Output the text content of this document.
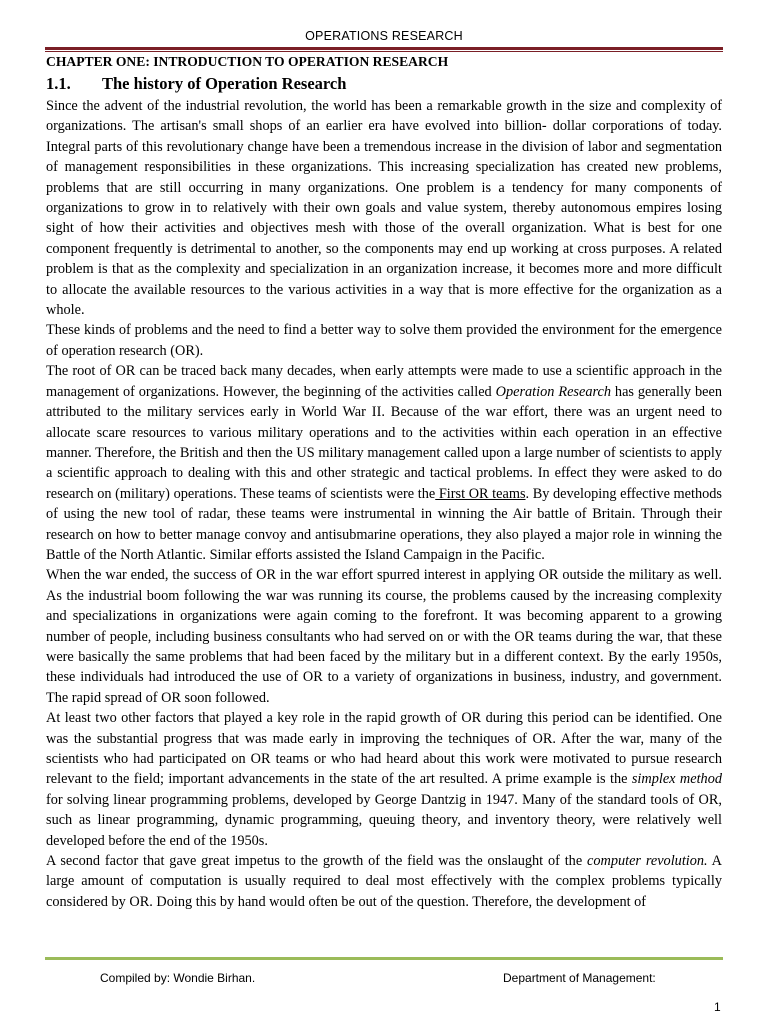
OPERATIONS RESEARCH
CHAPTER ONE: INTRODUCTION TO OPERATION RESEARCH
1.1. The history of Operation Research

Since the advent of the industrial revolution, the world has been a remarkable growth in the size and complexity of organizations. The artisan's small shops of an earlier era have evolved into billion- dollar corporations of today. Integral parts of this revolutionary change have been a tremendous increase in the division of labor and segmentation of management responsibilities in these organizations. This increasing specialization has created new problems, problems that are still occurring in many organizations. One problem is a tendency for many components of organizations to grow in to relatively with their own goals and value system, thereby autonomous empires losing sight of how their activities and objectives mesh with those of the overall organization. What is best for one component frequently is detrimental to another, so the components may end up working at cross purposes. A related problem is that as the complexity and specialization in an organization increase, it becomes more and more difficult to allocate the available resources to the various activities in a way that is more effective for the organization as a whole.

These kinds of problems and the need to find a better way to solve them provided the environment for the emergence of operation research (OR).

The root of OR can be traced back many decades, when early attempts were made to use a scientific approach in the management of organizations. However, the beginning of the activities called Operation Research has generally been attributed to the military services early in World War II. Because of the war effort, there was an urgent need to allocate scare resources to various military operations and to the activities within each operation in an effective manner. Therefore, the British and then the US military management called upon a large number of scientists to apply a scientific approach to dealing with this and other strategic and tactical problems. In effect they were asked to do research on (military) operations. These teams of scientists were the First OR teams. By developing effective methods of using the new tool of radar, these teams were instrumental in winning the Air battle of Britain. Through their research on how to better manage convoy and antisubmarine operations, they also played a major role in winning the Battle of the North Atlantic. Similar efforts assisted the Island Campaign in the Pacific.

When the war ended, the success of OR in the war effort spurred interest in applying OR outside the military as well. As the industrial boom following the war was running its course, the problems caused by the increasing complexity and specializations in organizations were again coming to the forefront. It was becoming apparent to a growing number of people, including business consultants who had served on or with the OR teams during the war, that these were basically the same problems that had been faced by the military but in a different context. By the early 1950s, these individuals had introduced the use of OR to a variety of organizations in business, industry, and government. The rapid spread of OR soon followed.

At least two other factors that played a key role in the rapid growth of OR during this period can be identified. One was the substantial progress that was made early in improving the techniques of OR. After the war, many of the scientists who had participated on OR teams or who had heard about this work were motivated to pursue research relevant to the field; important advancements in the state of the art resulted. A prime example is the simplex method for solving linear programming problems, developed by George Dantzig in 1947. Many of the standard tools of OR, such as linear programming, dynamic programming, queuing theory, and inventory theory, were relatively well developed before the end of the 1950s.

A second factor that gave great impetus to the growth of the field was the onslaught of the computer revolution. A large amount of computation is usually required to deal most effectively with the complex problems typically considered by OR. Doing this by hand would often be out of the question. Therefore, the development of

Compiled by: Wondie Birhan.	Department of Management:
1
